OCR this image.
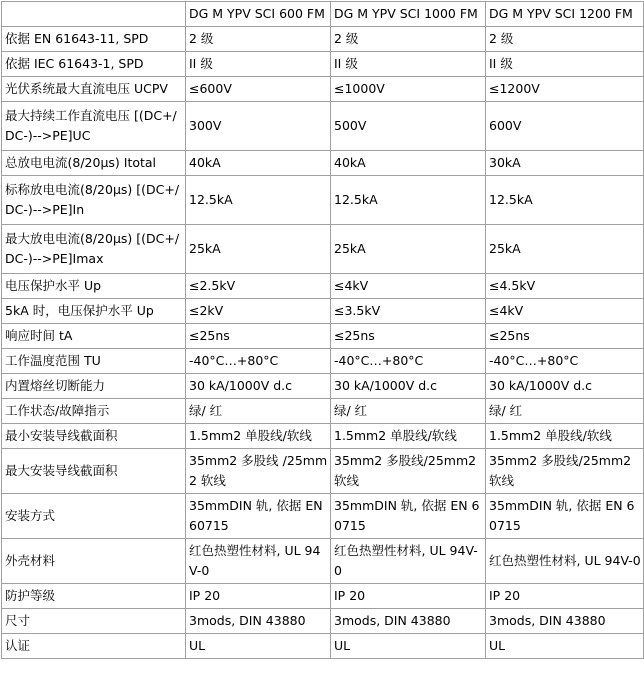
	DG M YPV SCI 600 FM	DG M YPV SCI 1000 FM	DG M YPV SCI 1200 FM
依据 EN 61643-11, SPD	2 级	2 级	2 级
依据 IEC 61643-1, SPD	II 级	II 级	II 级
光伏系统最大直流电压 UCPV	≤600V	≤1000V	≤1200V
最大持续工作直流电压 [(DC+/DC-)-->PE]UC	300V	500V	600V
总放电电流(8/20μs) Itotal	40kA	40kA	30kA
标称放电电流(8/20μs) [(DC+/DC-)-->PE]In	12.5kA	12.5kA	12.5kA
最大放电电流(8/20μs) [(DC+/DC-)-->PE]Imax	25kA	25kA	25kA
电压保护水平 Up	≤2.5kV	≤4kV	≤4.5kV
5kA 时，电压保护水平 Up	≤2kV	≤3.5kV	≤4kV
响应时间 tA	≤25ns	≤25ns	≤25ns
工作温度范围 TU	-40°C…+80°C	-40°C…+80°C	-40°C…+80°C
内置熔丝切断能力	30 kA/1000V d.c	30 kA/1000V d.c	30 kA/1000V d.c
工作状态/故障指示	绿/ 红	绿/ 红	绿/ 红
最小安装导线截面积	1.5mm2 单股线/软线	1.5mm2 单股线/软线	1.5mm2 单股线/软线
最大安装导线截面积	35mm2 多股线 /25mm2 软线	35mm2 多股线/25mm2 软线	35mm2 多股线/25mm2 软线
安装方式	35mmDIN 轨, 依据 EN 60715	35mmDIN 轨, 依据 EN 60715	35mmDIN 轨, 依据 EN 60715
外壳材料	红色热塑性材料, UL 94V-0	红色热塑性材料, UL 94V-0	红色热塑性材料, UL 94V-0
防护等级	IP 20	IP 20	IP 20
尺寸	3mods, DIN 43880	3mods, DIN 43880	3mods, DIN 43880
认证	UL	UL	UL
